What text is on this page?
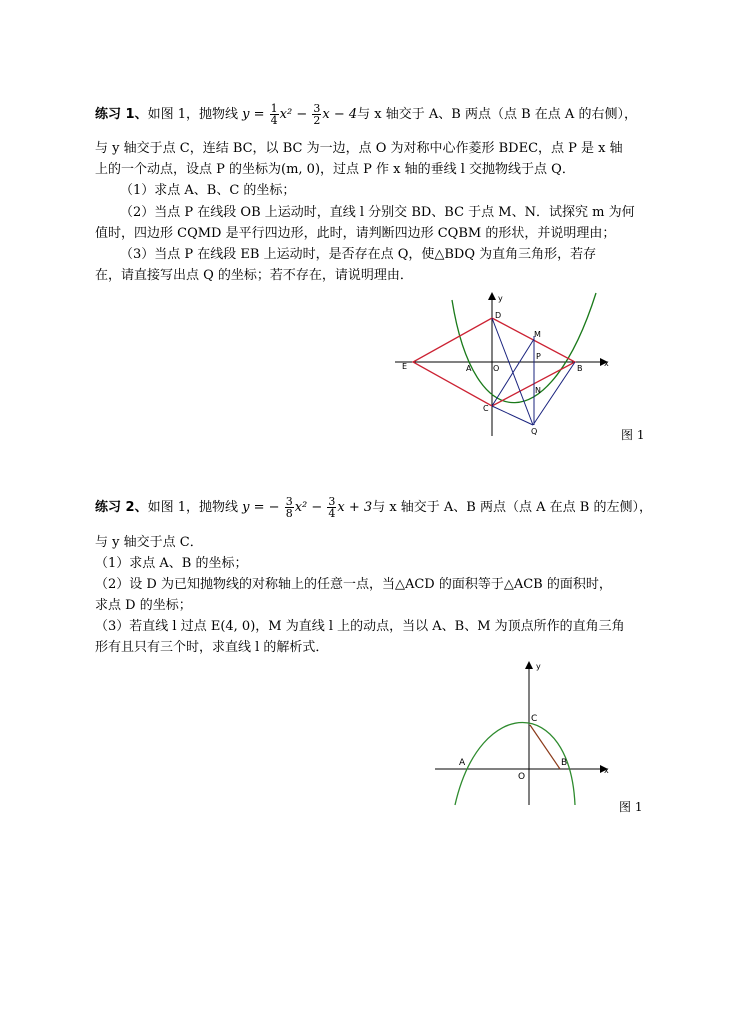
练习 1、如图 1，抛物线 $y = \frac{1}{4} x^2 - \frac{3}{2}$ x − 4与 x 轴交于 A、B 两点（点 B 在点 A 的右侧），
与 y 轴交于点 C，连结 BC，以 BC 为一边，点 O 为对称中心作菱形 BDEC，点 P 是 x 轴
上的一个动点，设点 P 的坐标为(m, 0)，过点 P 作 x 轴的垂线 l 交抛物线于点 Q．
（1）求点 A、B、C 的坐标；
（2）当点 P 在线段 OB 上运动时，直线 l 分别交 BD、BC 于点 M、N．试探究 m 为何
值时，四边形 CQMD 是平行四边形，此时，请判断四边形 CQBM 的形状，并说明理由；
（3）当点 P 在线段 EB 上运动时，是否存在点 Q，使△BDQ 为直角三角形，若存
在，请直接写出点 Q 的坐标；若不存在，请说明理由．
x
y
D
M
P
E	A	O	B
N
C
Q	图 1
练习 2、如图 1，抛物线 y = − $\frac{3}{8} x^2 - \frac{3}{4}$ x + 3与 x 轴交于 A、B 两点（点 A 在点 B 的左侧），
与 y 轴交于点 C．
（1）求点 A、B 的坐标；
（2）设 D 为已知抛物线的对称轴上的任意一点，当△ACD 的面积等于△ACB 的面积时，
求点 D 的坐标；
（3）若直线 l 过点 E(4, 0)，M 为直线 l 上的动点，当以 A、B、M 为顶点所作的直角三角
形有且只有三个时，求直线 l 的解析式．
x
y
A	B
C
O
图 1
